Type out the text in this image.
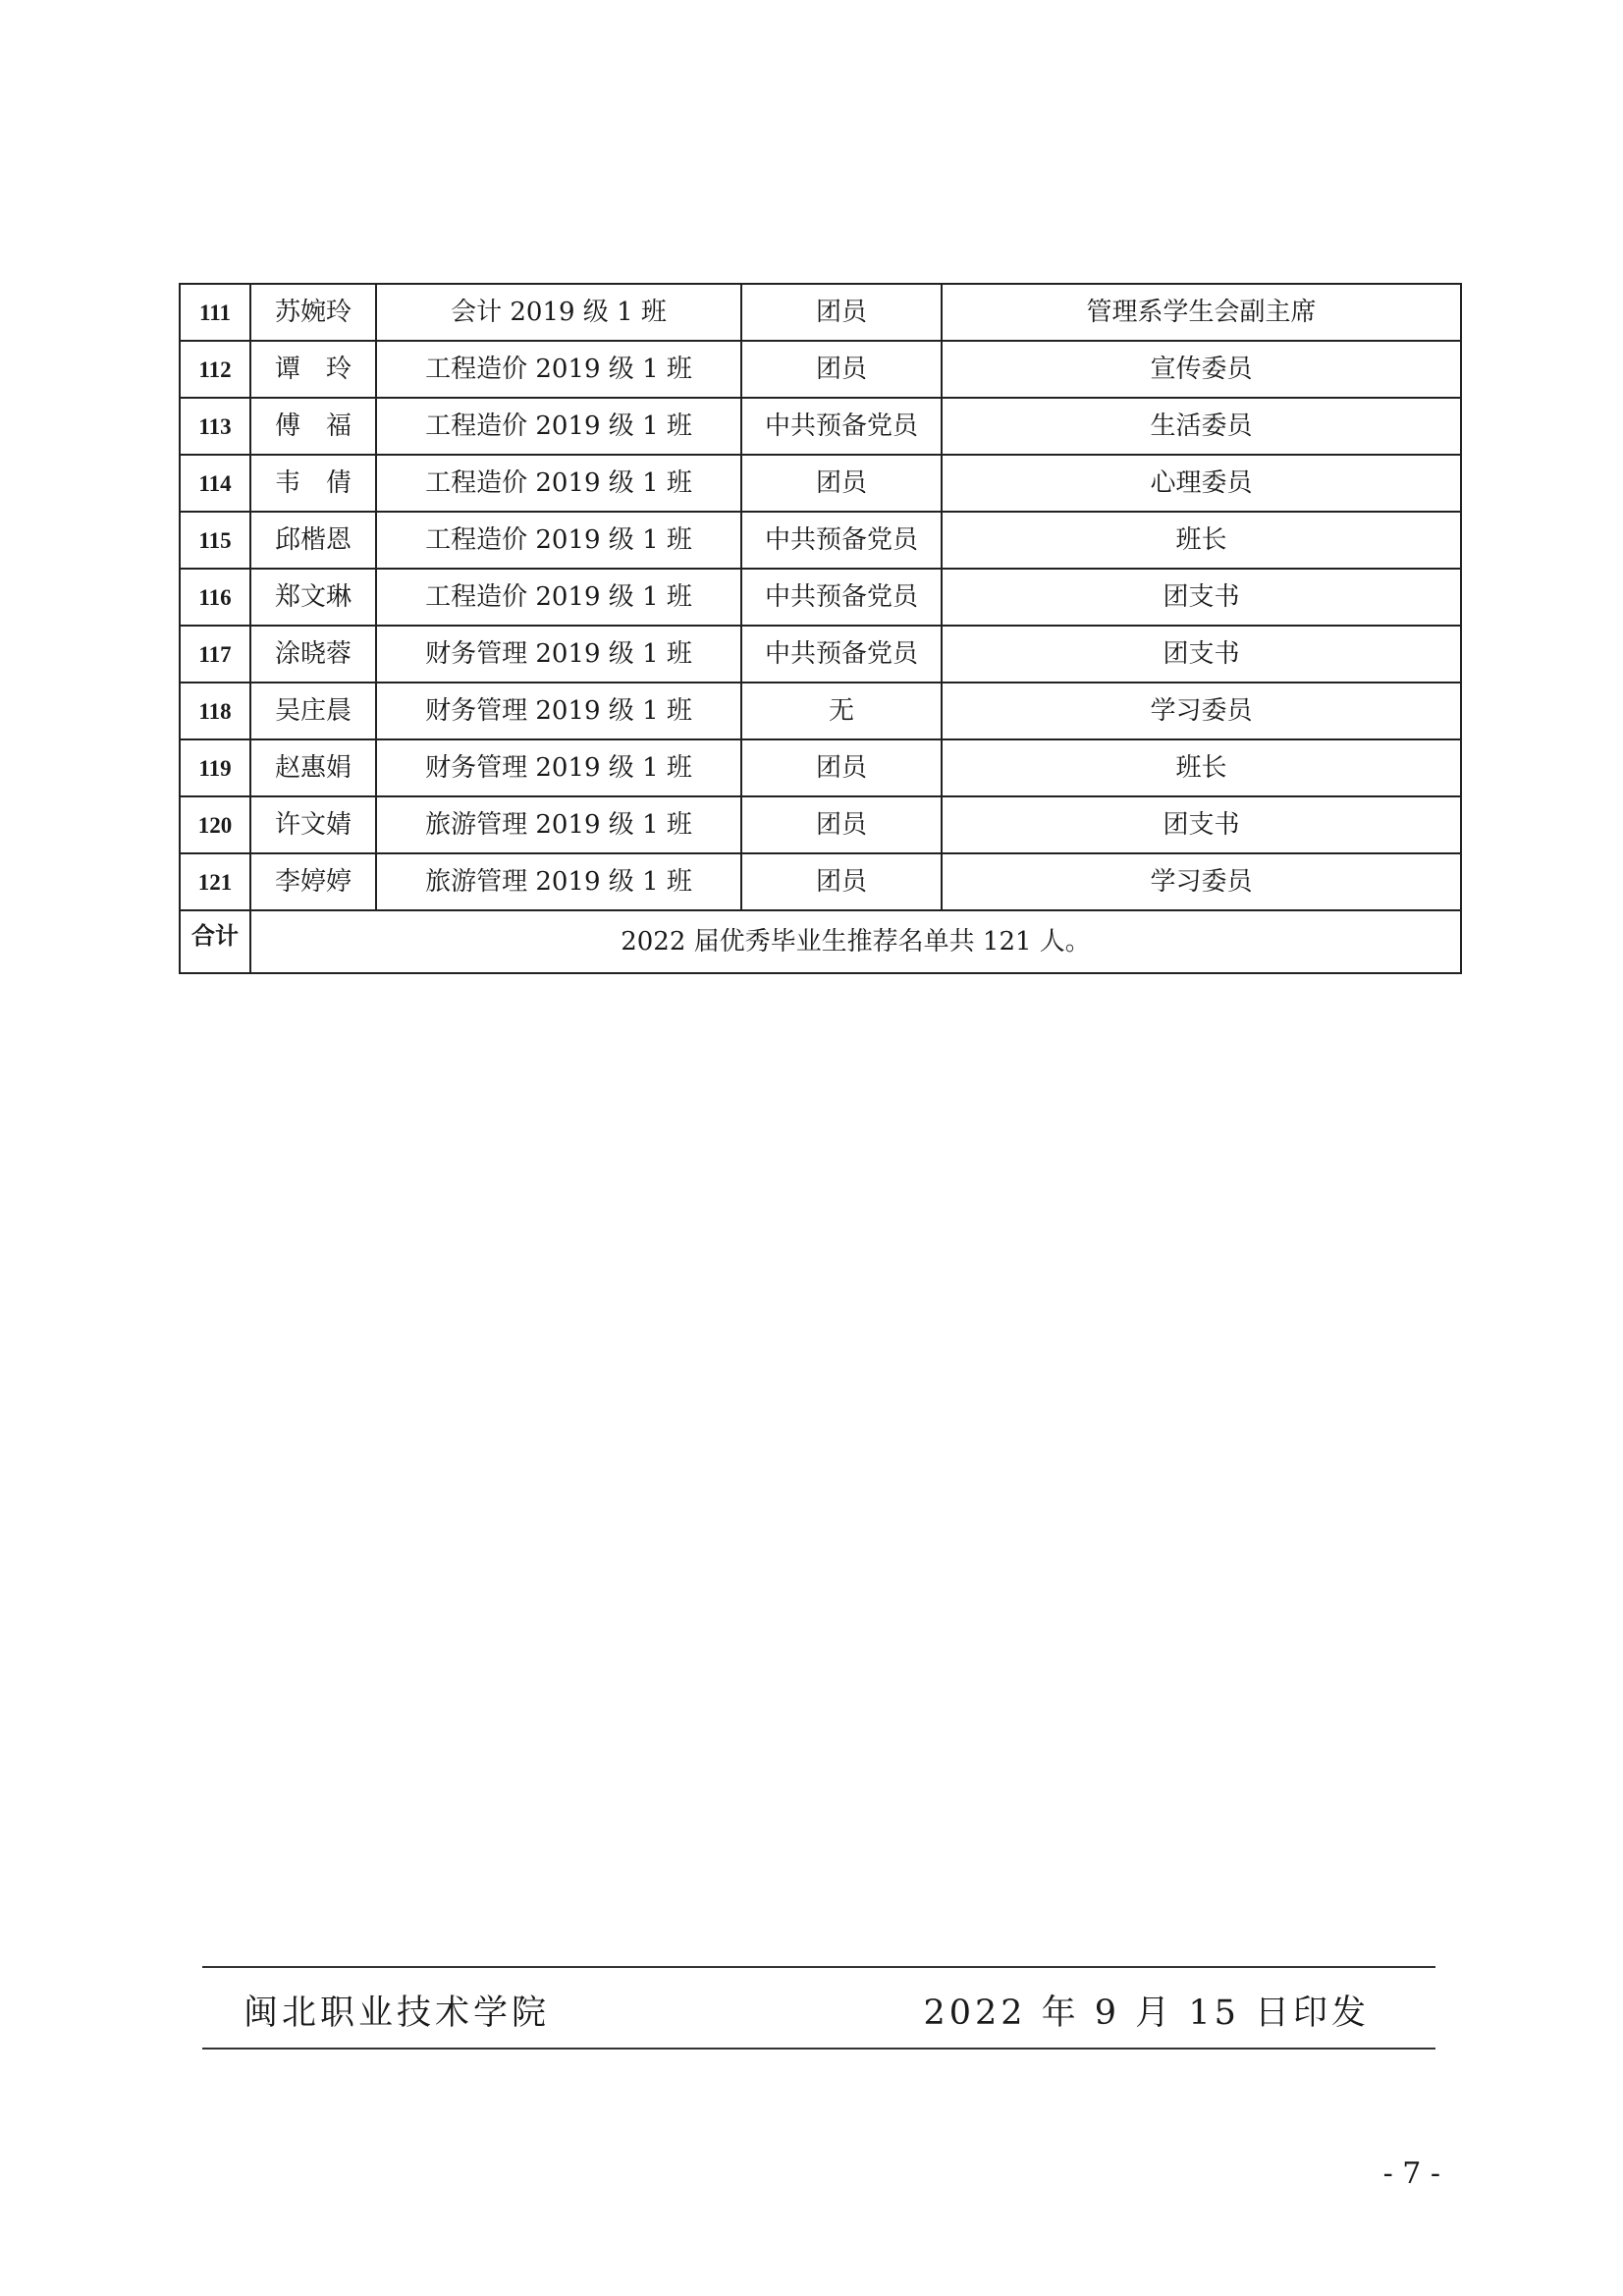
111	苏婉玲	会计 2019 级 1 班	团员	管理系学生会副主席
112	谭　玲	工程造价 2019 级 1 班	团员	宣传委员
113	傅　福	工程造价 2019 级 1 班	中共预备党员	生活委员
114	韦　倩	工程造价 2019 级 1 班	团员	心理委员
115	邱楷恩	工程造价 2019 级 1 班	中共预备党员	班长
116	郑文琳	工程造价 2019 级 1 班	中共预备党员	团支书
117	涂晓蓉	财务管理 2019 级 1 班	中共预备党员	团支书
118	吴庄晨	财务管理 2019 级 1 班	无	学习委员
119	赵惠娟	财务管理 2019 级 1 班	团员	班长
120	许文婧	旅游管理 2019 级 1 班	团员	团支书
121	李婷婷	旅游管理 2019 级 1 班	团员	学习委员

合计	2022 届优秀毕业生推荐名单共 121 人。			
闽北职业技术学院	2022 年 9 月 15 日印发
- 7 -
